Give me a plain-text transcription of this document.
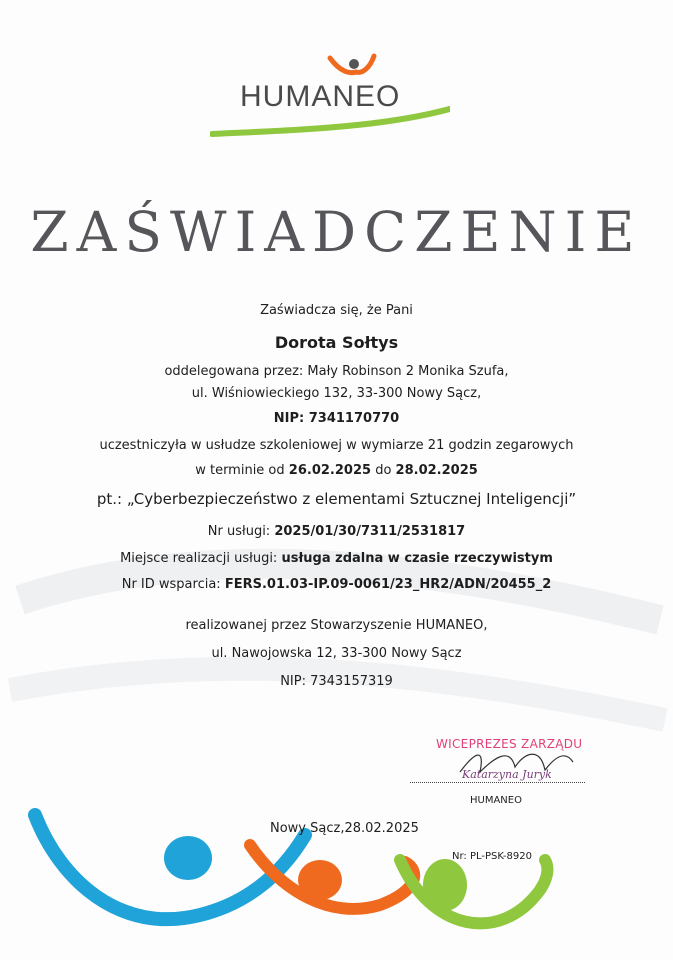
HUMANEO
ZAŚWIADCZENIE
Zaświadcza się, że Pani
Dorota Sołtys
oddelegowana przez: Mały Robinson 2 Monika Szufa,
ul. Wiśniowieckiego 132, 33-300 Nowy Sącz,
NIP: 7341170770
uczestniczyła w usłudze szkoleniowej w wymiarze 21 godzin zegarowych
w terminie od 26.02.2025 do 28.02.2025
pt.: „Cyberbezpieczeństwo z elementami Sztucznej Inteligencji”
Nr usługi: 2025/01/30/7311/2531817
Miejsce realizacji usługi: usługa zdalna w czasie rzeczywistym
Nr ID wsparcia: FERS.01.03-IP.09-0061/23_HR2/ADN/20455_2
realizowanej przez Stowarzyszenie HUMANEO,
ul. Nawojowska 12, 33-300 Nowy Sącz
NIP: 7343157319
WICEPREZES ZARZĄDU
Katarzyna Juryk
HUMANEO
Nowy Sącz,28.02.2025
Nr: PL-PSK-8920
